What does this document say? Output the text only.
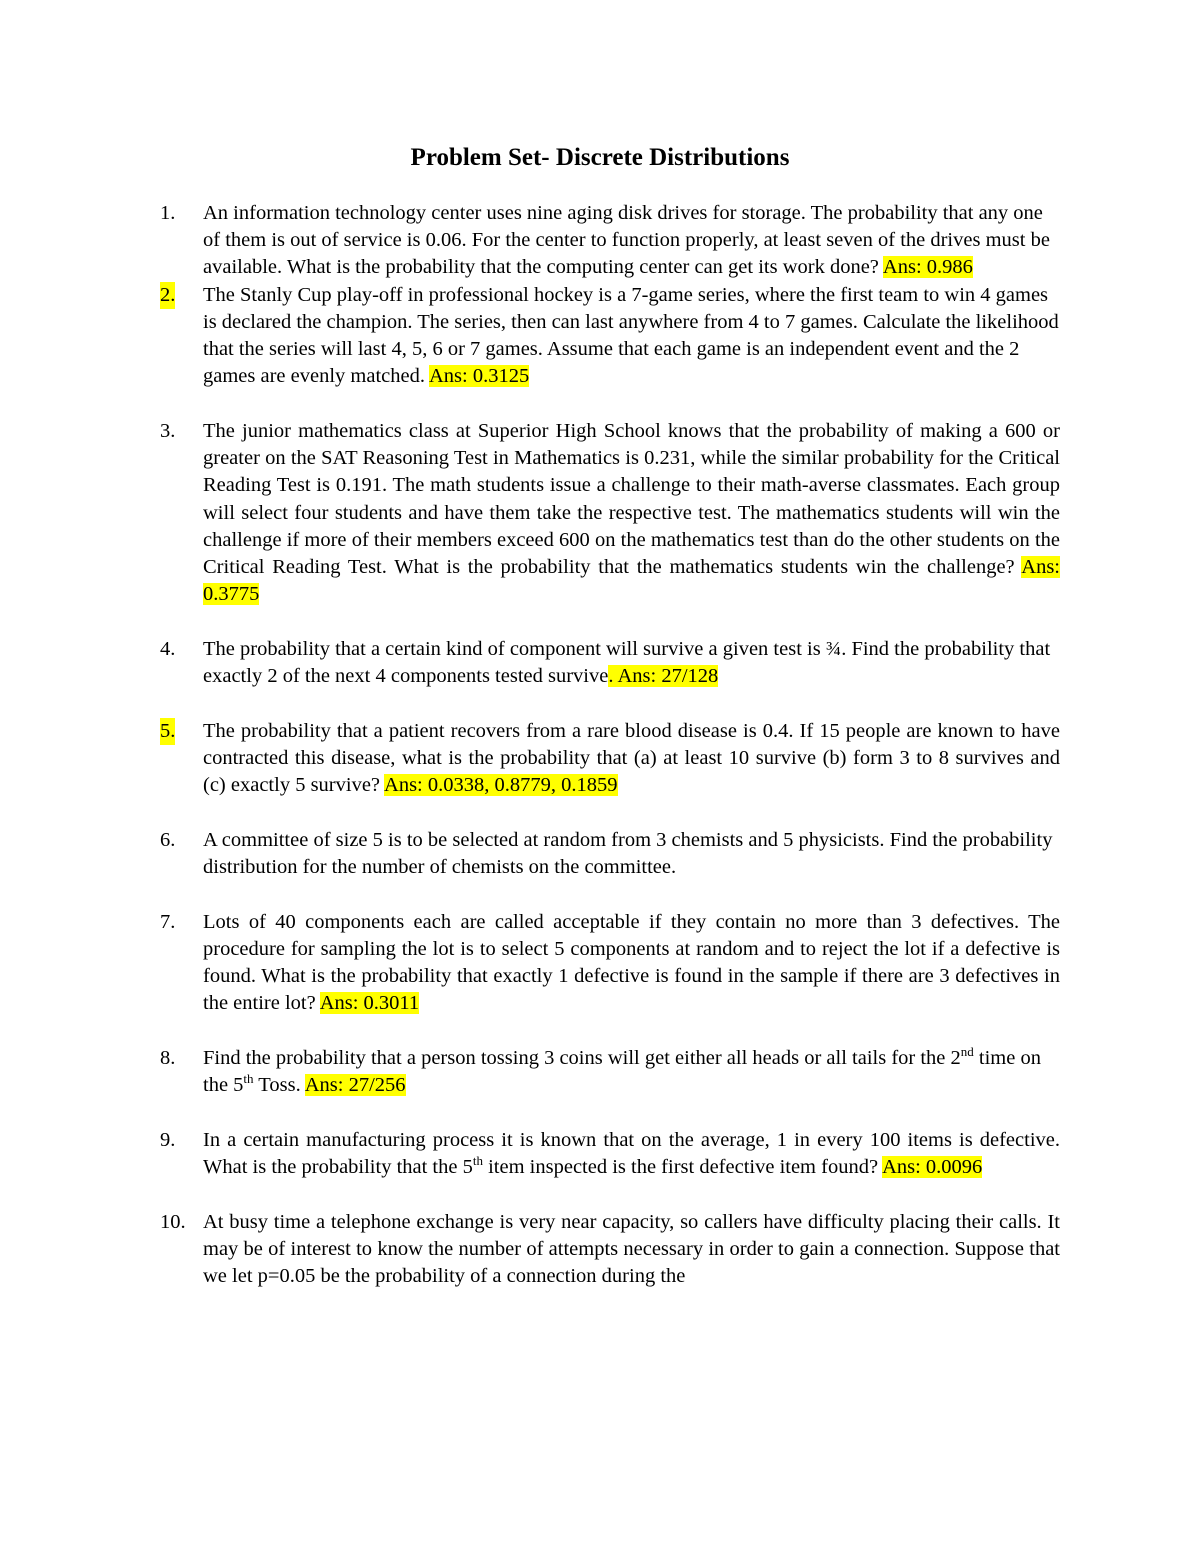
Problem Set- Discrete Distributions
1. An information technology center uses nine aging disk drives for storage. The probability that any one of them is out of service is 0.06. For the center to function properly, at least seven of the drives must be available. What is the probability that the computing center can get its work done? Ans: 0.986
2. The Stanly Cup play-off in professional hockey is a 7-game series, where the first team to win 4 games is declared the champion. The series, then can last anywhere from 4 to 7 games. Calculate the likelihood that the series will last 4, 5, 6 or 7 games. Assume that each game is an independent event and the 2 games are evenly matched. Ans: 0.3125
3. The junior mathematics class at Superior High School knows that the probability of making a 600 or greater on the SAT Reasoning Test in Mathematics is 0.231, while the similar probability for the Critical Reading Test is 0.191. The math students issue a challenge to their math-averse classmates. Each group will select four students and have them take the respective test. The mathematics students will win the challenge if more of their members exceed 600 on the mathematics test than do the other students on the Critical Reading Test. What is the probability that the mathematics students win the challenge? Ans: 0.3775
4. The probability that a certain kind of component will survive a given test is ¾. Find the probability that exactly 2 of the next 4 components tested survive. Ans: 27/128
5. The probability that a patient recovers from a rare blood disease is 0.4. If 15 people are known to have contracted this disease, what is the probability that (a) at least 10 survive (b) form 3 to 8 survives and (c) exactly 5 survive? Ans: 0.0338, 0.8779, 0.1859
6. A committee of size 5 is to be selected at random from 3 chemists and 5 physicists. Find the probability distribution for the number of chemists on the committee.
7. Lots of 40 components each are called acceptable if they contain no more than 3 defectives. The procedure for sampling the lot is to select 5 components at random and to reject the lot if a defective is found. What is the probability that exactly 1 defective is found in the sample if there are 3 defectives in the entire lot? Ans: 0.3011
8. Find the probability that a person tossing 3 coins will get either all heads or all tails for the 2nd time on the 5th Toss. Ans: 27/256
9. In a certain manufacturing process it is known that on the average, 1 in every 100 items is defective. What is the probability that the 5th item inspected is the first defective item found? Ans: 0.0096
10. At busy time a telephone exchange is very near capacity, so callers have difficulty placing their calls. It may be of interest to know the number of attempts necessary in order to gain a connection. Suppose that we let p=0.05 be the probability of a connection during the
